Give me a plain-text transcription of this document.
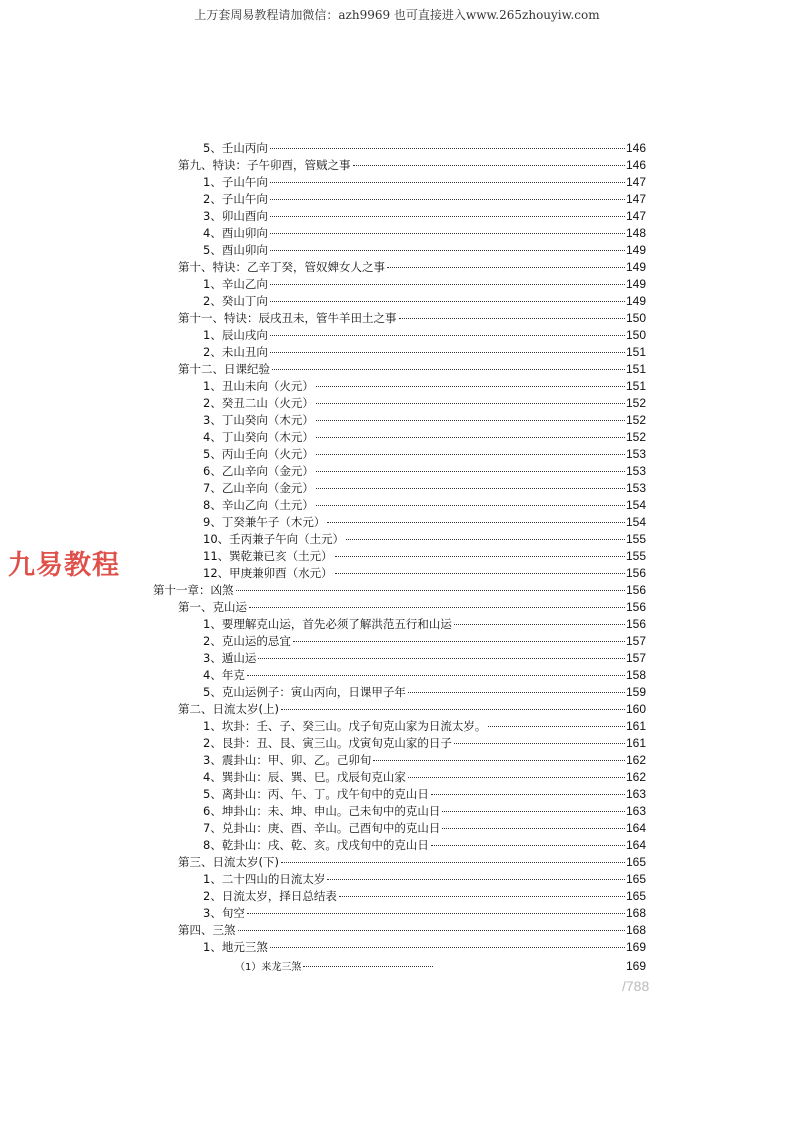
上万套周易教程请加微信：azh9969 也可直接进入www.265zhouyiw.com
九易教程
/788
5、壬山丙向	146
第九、特诀：子午卯酉，管贼之事	146
1、子山午向	147
2、子山午向	147
3、卯山酉向	147
4、酉山卯向	148
5、酉山卯向	149
第十、特诀：乙辛丁癸，管奴婢女人之事	149
1、辛山乙向	149
2、癸山丁向	149
第十一、特诀：辰戌丑未，管牛羊田土之事	150
1、辰山戌向	150
2、未山丑向	151
第十二、日课纪验	151
1、丑山未向（火元）	151
2、癸丑二山（火元）	152
3、丁山癸向（木元）	152
4、丁山癸向（木元）	152
5、丙山壬向（火元）	153
6、乙山辛向（金元）	153
7、乙山辛向（金元）	153
8、辛山乙向（土元）	154
9、丁癸兼午子（木元）	154
10、壬丙兼子午向（土元）	155
11、巽乾兼已亥（土元）	155
12、甲庚兼卯酉（水元）	156
第十一章：凶煞	156
第一、克山运	156
1、要理解克山运，首先必须了解洪范五行和山运	156
2、克山运的忌宜	157
3、遁山运	157
4、年克	158
5、克山运例子：寅山丙向，日课甲子年	159
第二、日流太岁(上)	160
1、坎卦：壬、子、癸三山。戊子旬克山家为日流太岁。	161
2、艮卦：丑、艮、寅三山。戊寅旬克山家的日子	161
3、震卦山：甲、卯、乙。己卯旬	162
4、巽卦山：辰、巽、巳。戊辰旬克山家	162
5、离卦山：丙、午、丁。戊午旬中的克山日	163
6、坤卦山：未、坤、申山。己未旬中的克山日	163
7、兑卦山：庚、酉、辛山。己酉旬中的克山日	164
8、乾卦山：戌、乾、亥。戊戌旬中的克山日	164
第三、日流太岁(下)	165
1、二十四山的日流太岁	165
2、日流太岁，择日总结表	165
3、旬空	168
第四、三煞	168
1、地元三煞	169
（1）来龙三煞	169
